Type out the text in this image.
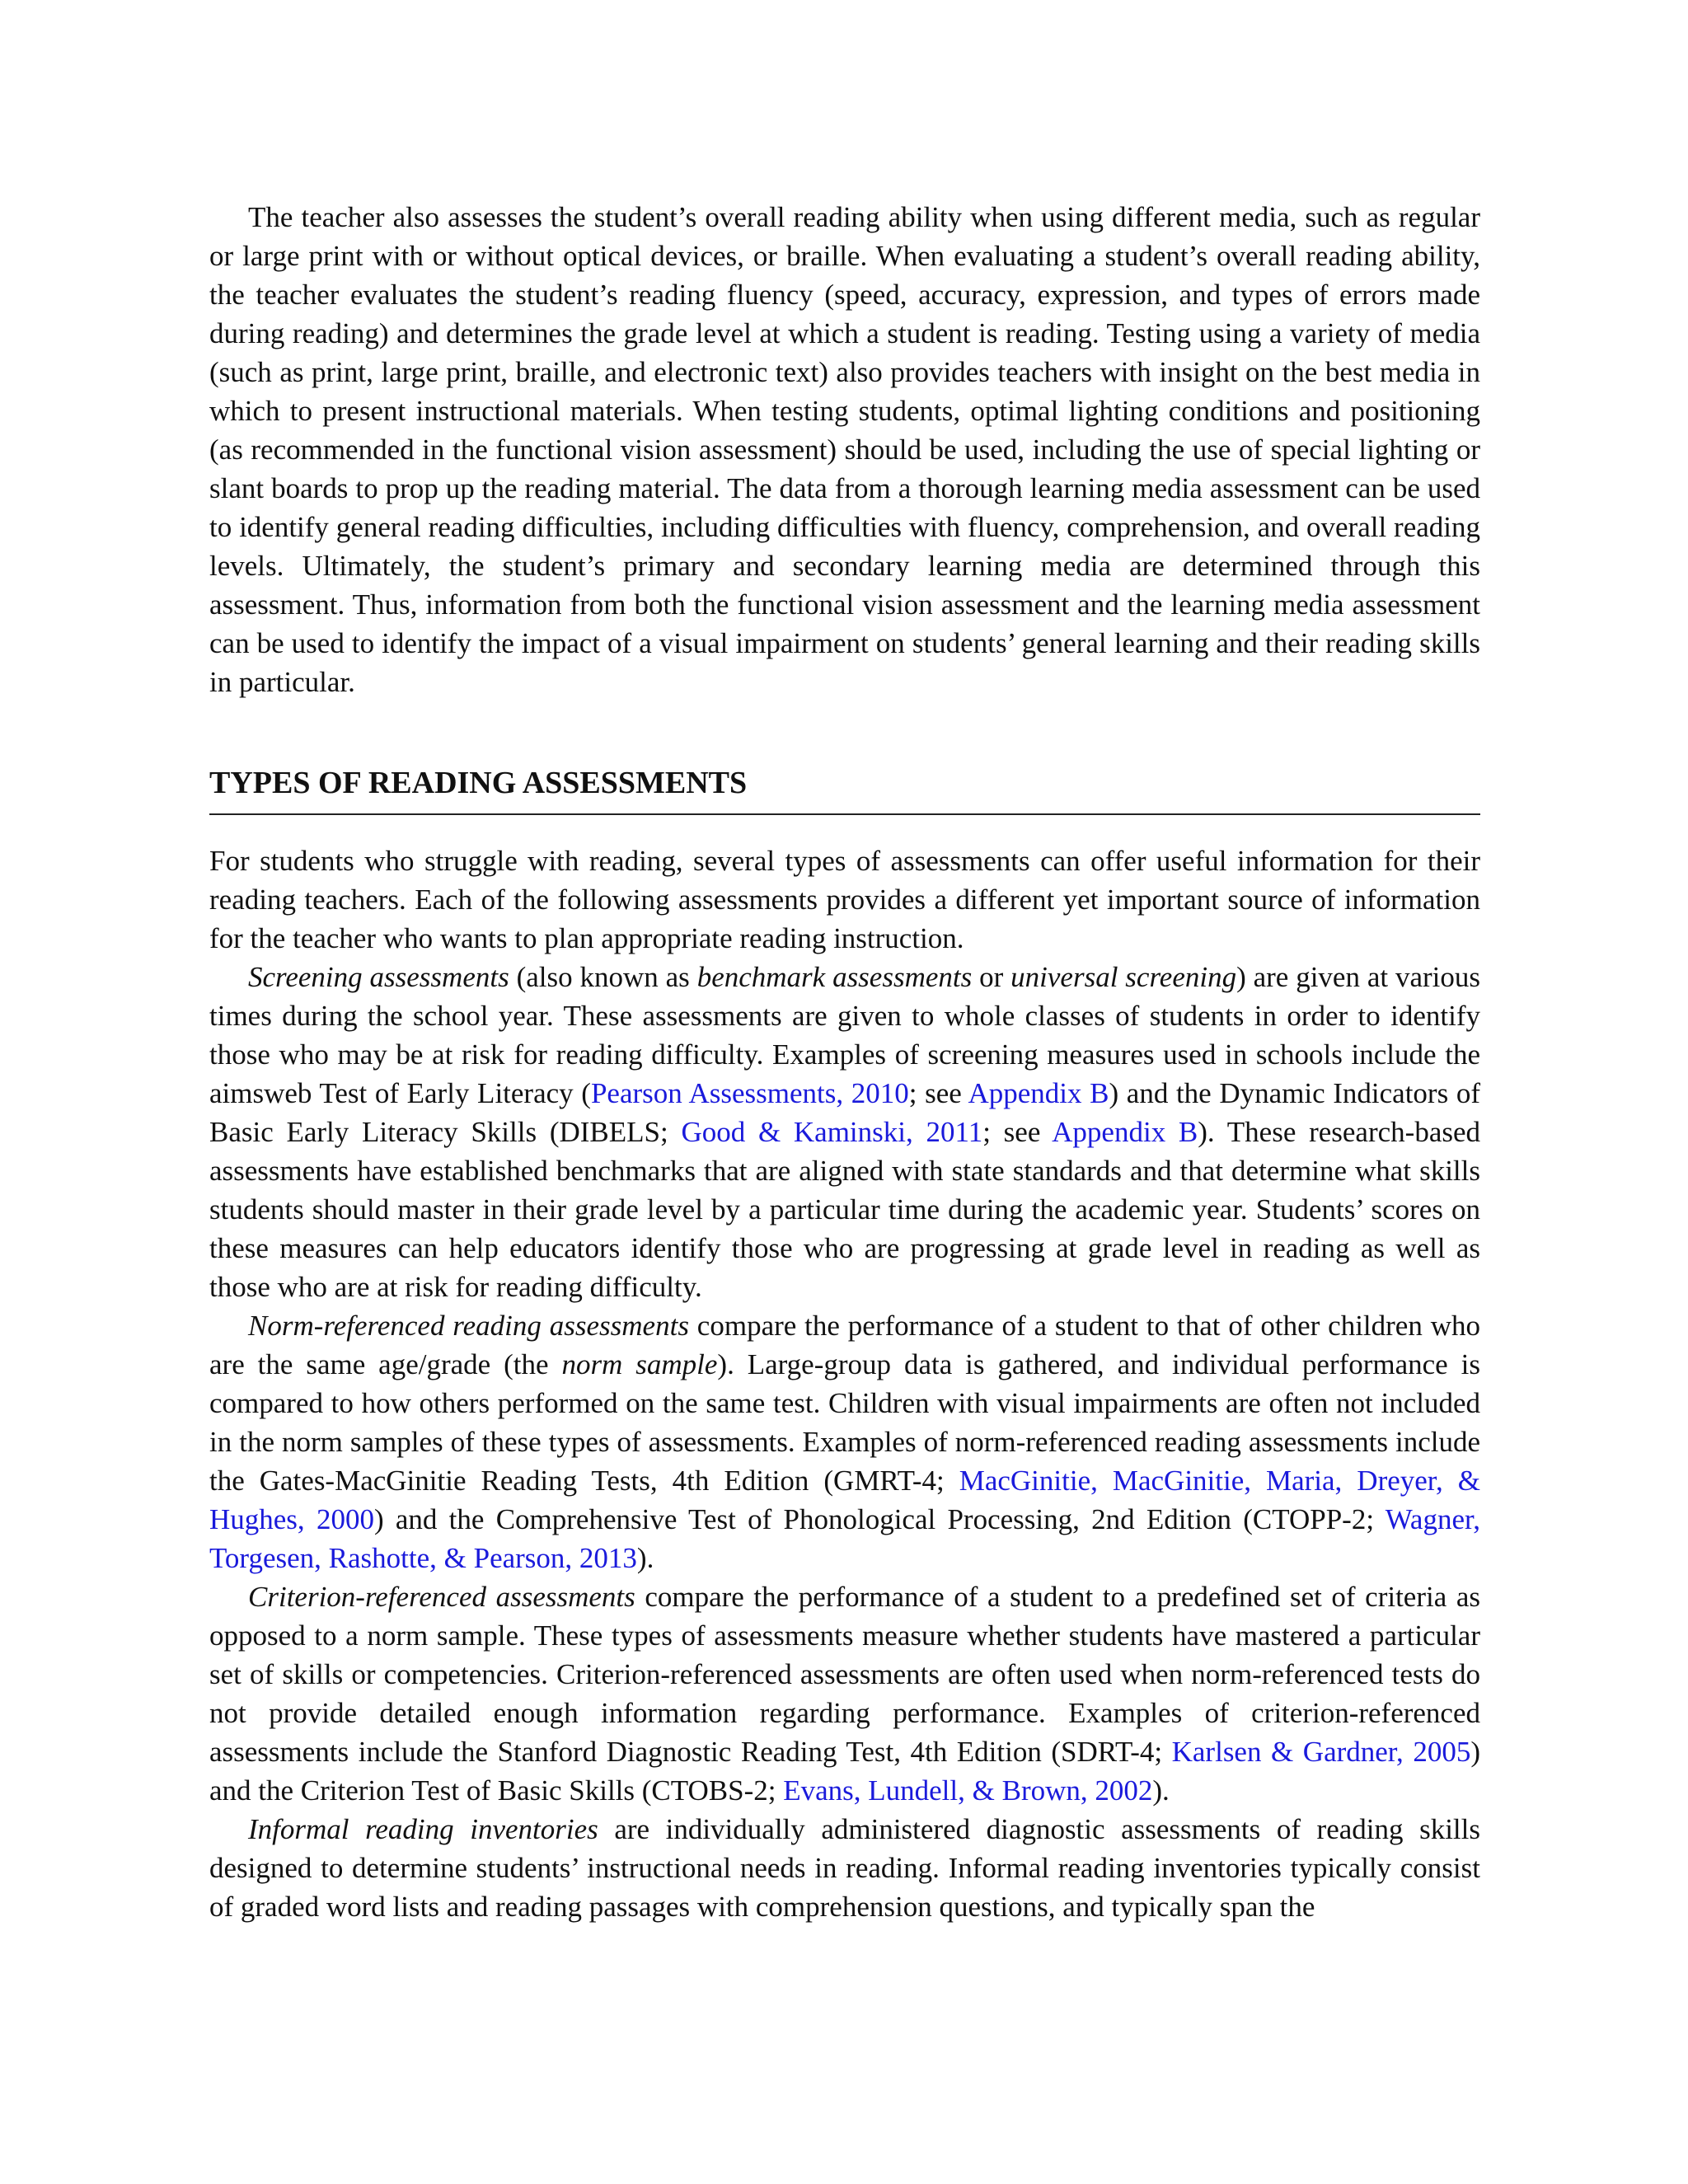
The teacher also assesses the student’s overall reading ability when using different media, such as regular or large print with or without optical devices, or braille. When evaluating a student’s overall reading ability, the teacher evaluates the student’s reading fluency (speed, accuracy, expression, and types of errors made during reading) and determines the grade level at which a student is reading. Testing using a variety of media (such as print, large print, braille, and electronic text) also provides teachers with insight on the best media in which to present instructional materials. When testing students, optimal lighting conditions and positioning (as recommended in the functional vision assessment) should be used, including the use of special lighting or slant boards to prop up the reading material. The data from a thorough learning media assessment can be used to identify general reading difficulties, including difficulties with fluency, comprehension, and overall reading levels. Ultimately, the student’s primary and secondary learning media are determined through this assessment. Thus, information from both the functional vision assessment and the learning media assessment can be used to identify the impact of a visual impairment on students’ general learning and their reading skills in particular.

TYPES OF READING ASSESSMENTS

For students who struggle with reading, several types of assessments can offer useful information for their reading teachers. Each of the following assessments provides a different yet important source of information for the teacher who wants to plan appropriate reading instruction.

Screening assessments (also known as benchmark assessments or universal screening) are given at various times during the school year. These assessments are given to whole classes of students in order to identify those who may be at risk for reading difficulty. Examples of screening measures used in schools include the aimsweb Test of Early Literacy (Pearson Assessments, 2010; see Appendix B) and the Dynamic Indicators of Basic Early Literacy Skills (DIBELS; Good & Kaminski, 2011; see Appendix B). These research-based assessments have established benchmarks that are aligned with state standards and that determine what skills students should master in their grade level by a particular time during the academic year. Students’ scores on these measures can help educators identify those who are progressing at grade level in reading as well as those who are at risk for reading difficulty.

Norm-referenced reading assessments compare the performance of a student to that of other children who are the same age/grade (the norm sample). Large-group data is gathered, and individual performance is compared to how others performed on the same test. Children with visual impairments are often not included in the norm samples of these types of assessments. Examples of norm-referenced reading assessments include the Gates-MacGinitie Reading Tests, 4th Edition (GMRT-4; MacGinitie, MacGinitie, Maria, Dreyer, & Hughes, 2000) and the Comprehensive Test of Phonological Processing, 2nd Edition (CTOPP-2; Wagner, Torgesen, Rashotte, & Pearson, 2013).

Criterion-referenced assessments compare the performance of a student to a predefined set of criteria as opposed to a norm sample. These types of assessments measure whether students have mastered a particular set of skills or competencies. Criterion-referenced assessments are often used when norm-referenced tests do not provide detailed enough information regarding performance. Examples of criterion-referenced assessments include the Stanford Diagnostic Reading Test, 4th Edition (SDRT-4; Karlsen & Gardner, 2005) and the Criterion Test of Basic Skills (CTOBS-2; Evans, Lundell, & Brown, 2002).

Informal reading inventories are individually administered diagnostic assessments of reading skills designed to determine students’ instructional needs in reading. Informal reading inventories typically consist of graded word lists and reading passages with comprehension questions, and typically span the
